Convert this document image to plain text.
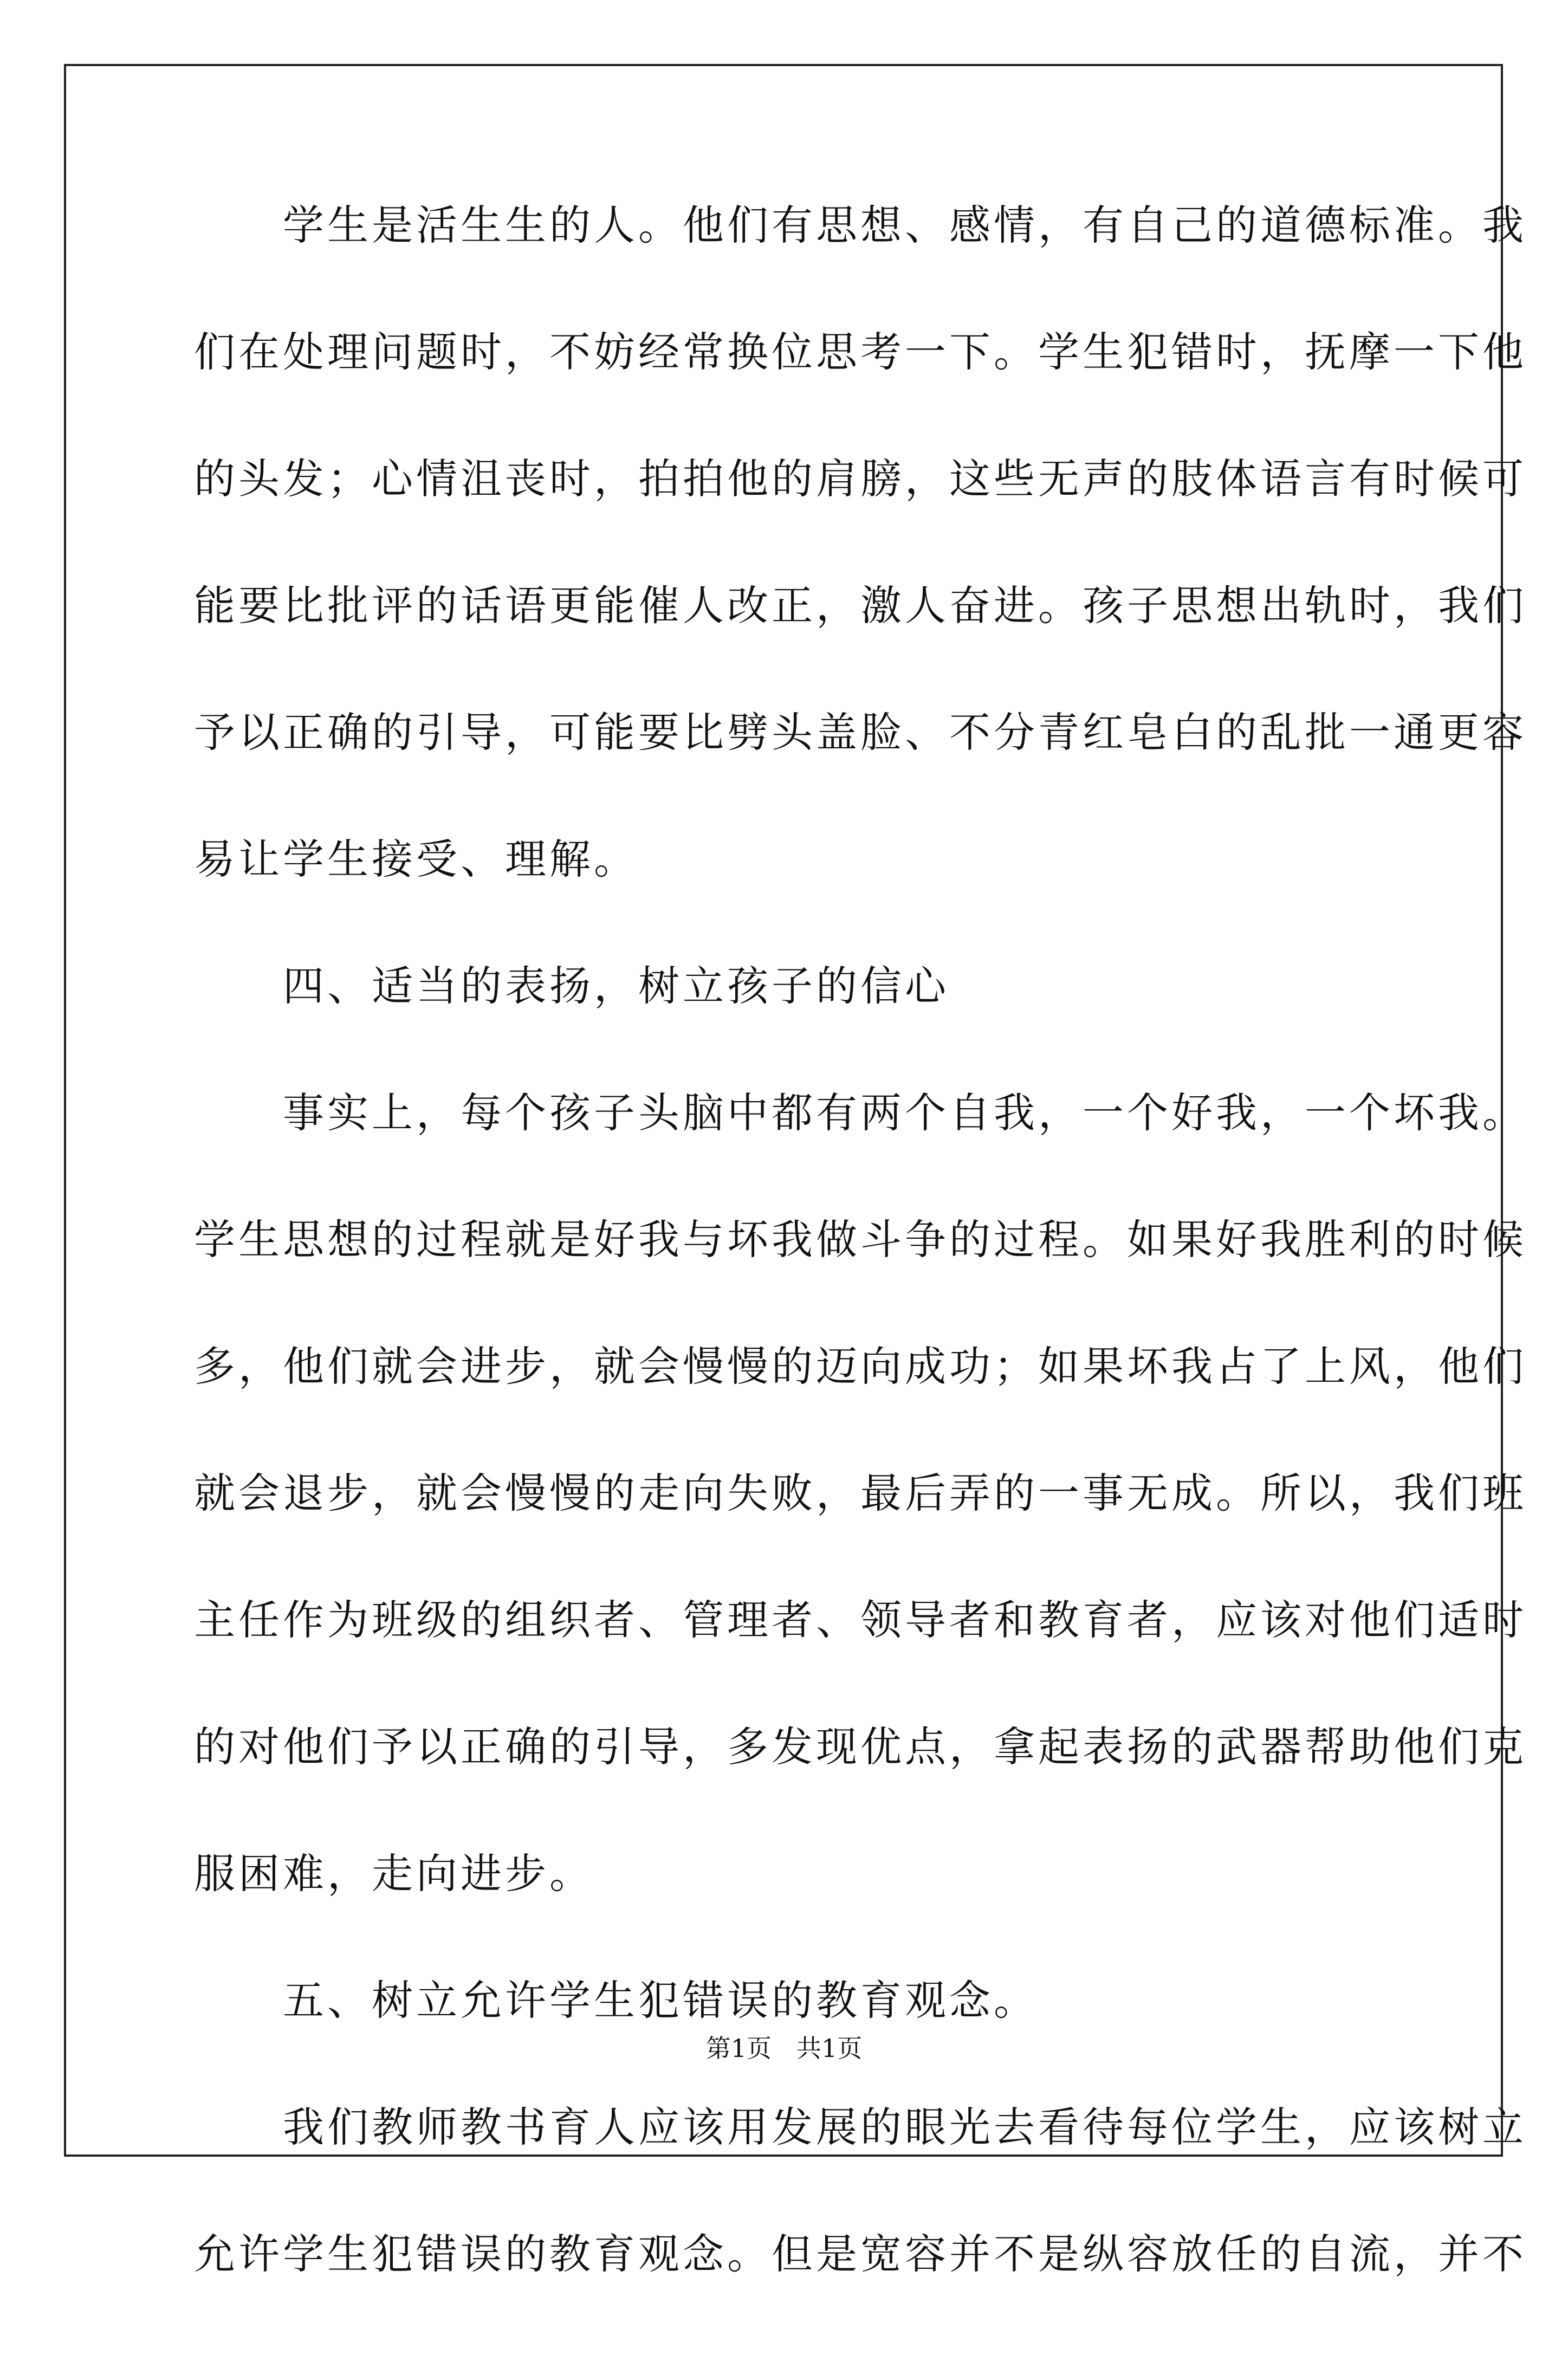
　　学生是活生生的人。他们有思想、感情，有自己的道德标准。我
们在处理问题时，不妨经常换位思考一下。学生犯错时，抚摩一下他
的头发；心情沮丧时，拍拍他的肩膀，这些无声的肢体语言有时候可
能要比批评的话语更能催人改正，激人奋进。孩子思想出轨时，我们
予以正确的引导，可能要比劈头盖脸、不分青红皂白的乱批一通更容
易让学生接受、理解。
　　四、适当的表扬，树立孩子的信心
　　事实上，每个孩子头脑中都有两个自我，一个好我，一个坏我。
学生思想的过程就是好我与坏我做斗争的过程。如果好我胜利的时候
多，他们就会进步，就会慢慢的迈向成功；如果坏我占了上风，他们
就会退步，就会慢慢的走向失败，最后弄的一事无成。所以，我们班
主任作为班级的组织者、管理者、领导者和教育者，应该对他们适时
的对他们予以正确的引导，多发现优点，拿起表扬的武器帮助他们克
服困难，走向进步。
　　五、树立允许学生犯错误的教育观念。
　　我们教师教书育人应该用发展的眼光去看待每位学生，应该树立
允许学生犯错误的教育观念。但是宽容并不是纵容放任的自流，并不
第1页　共1页
